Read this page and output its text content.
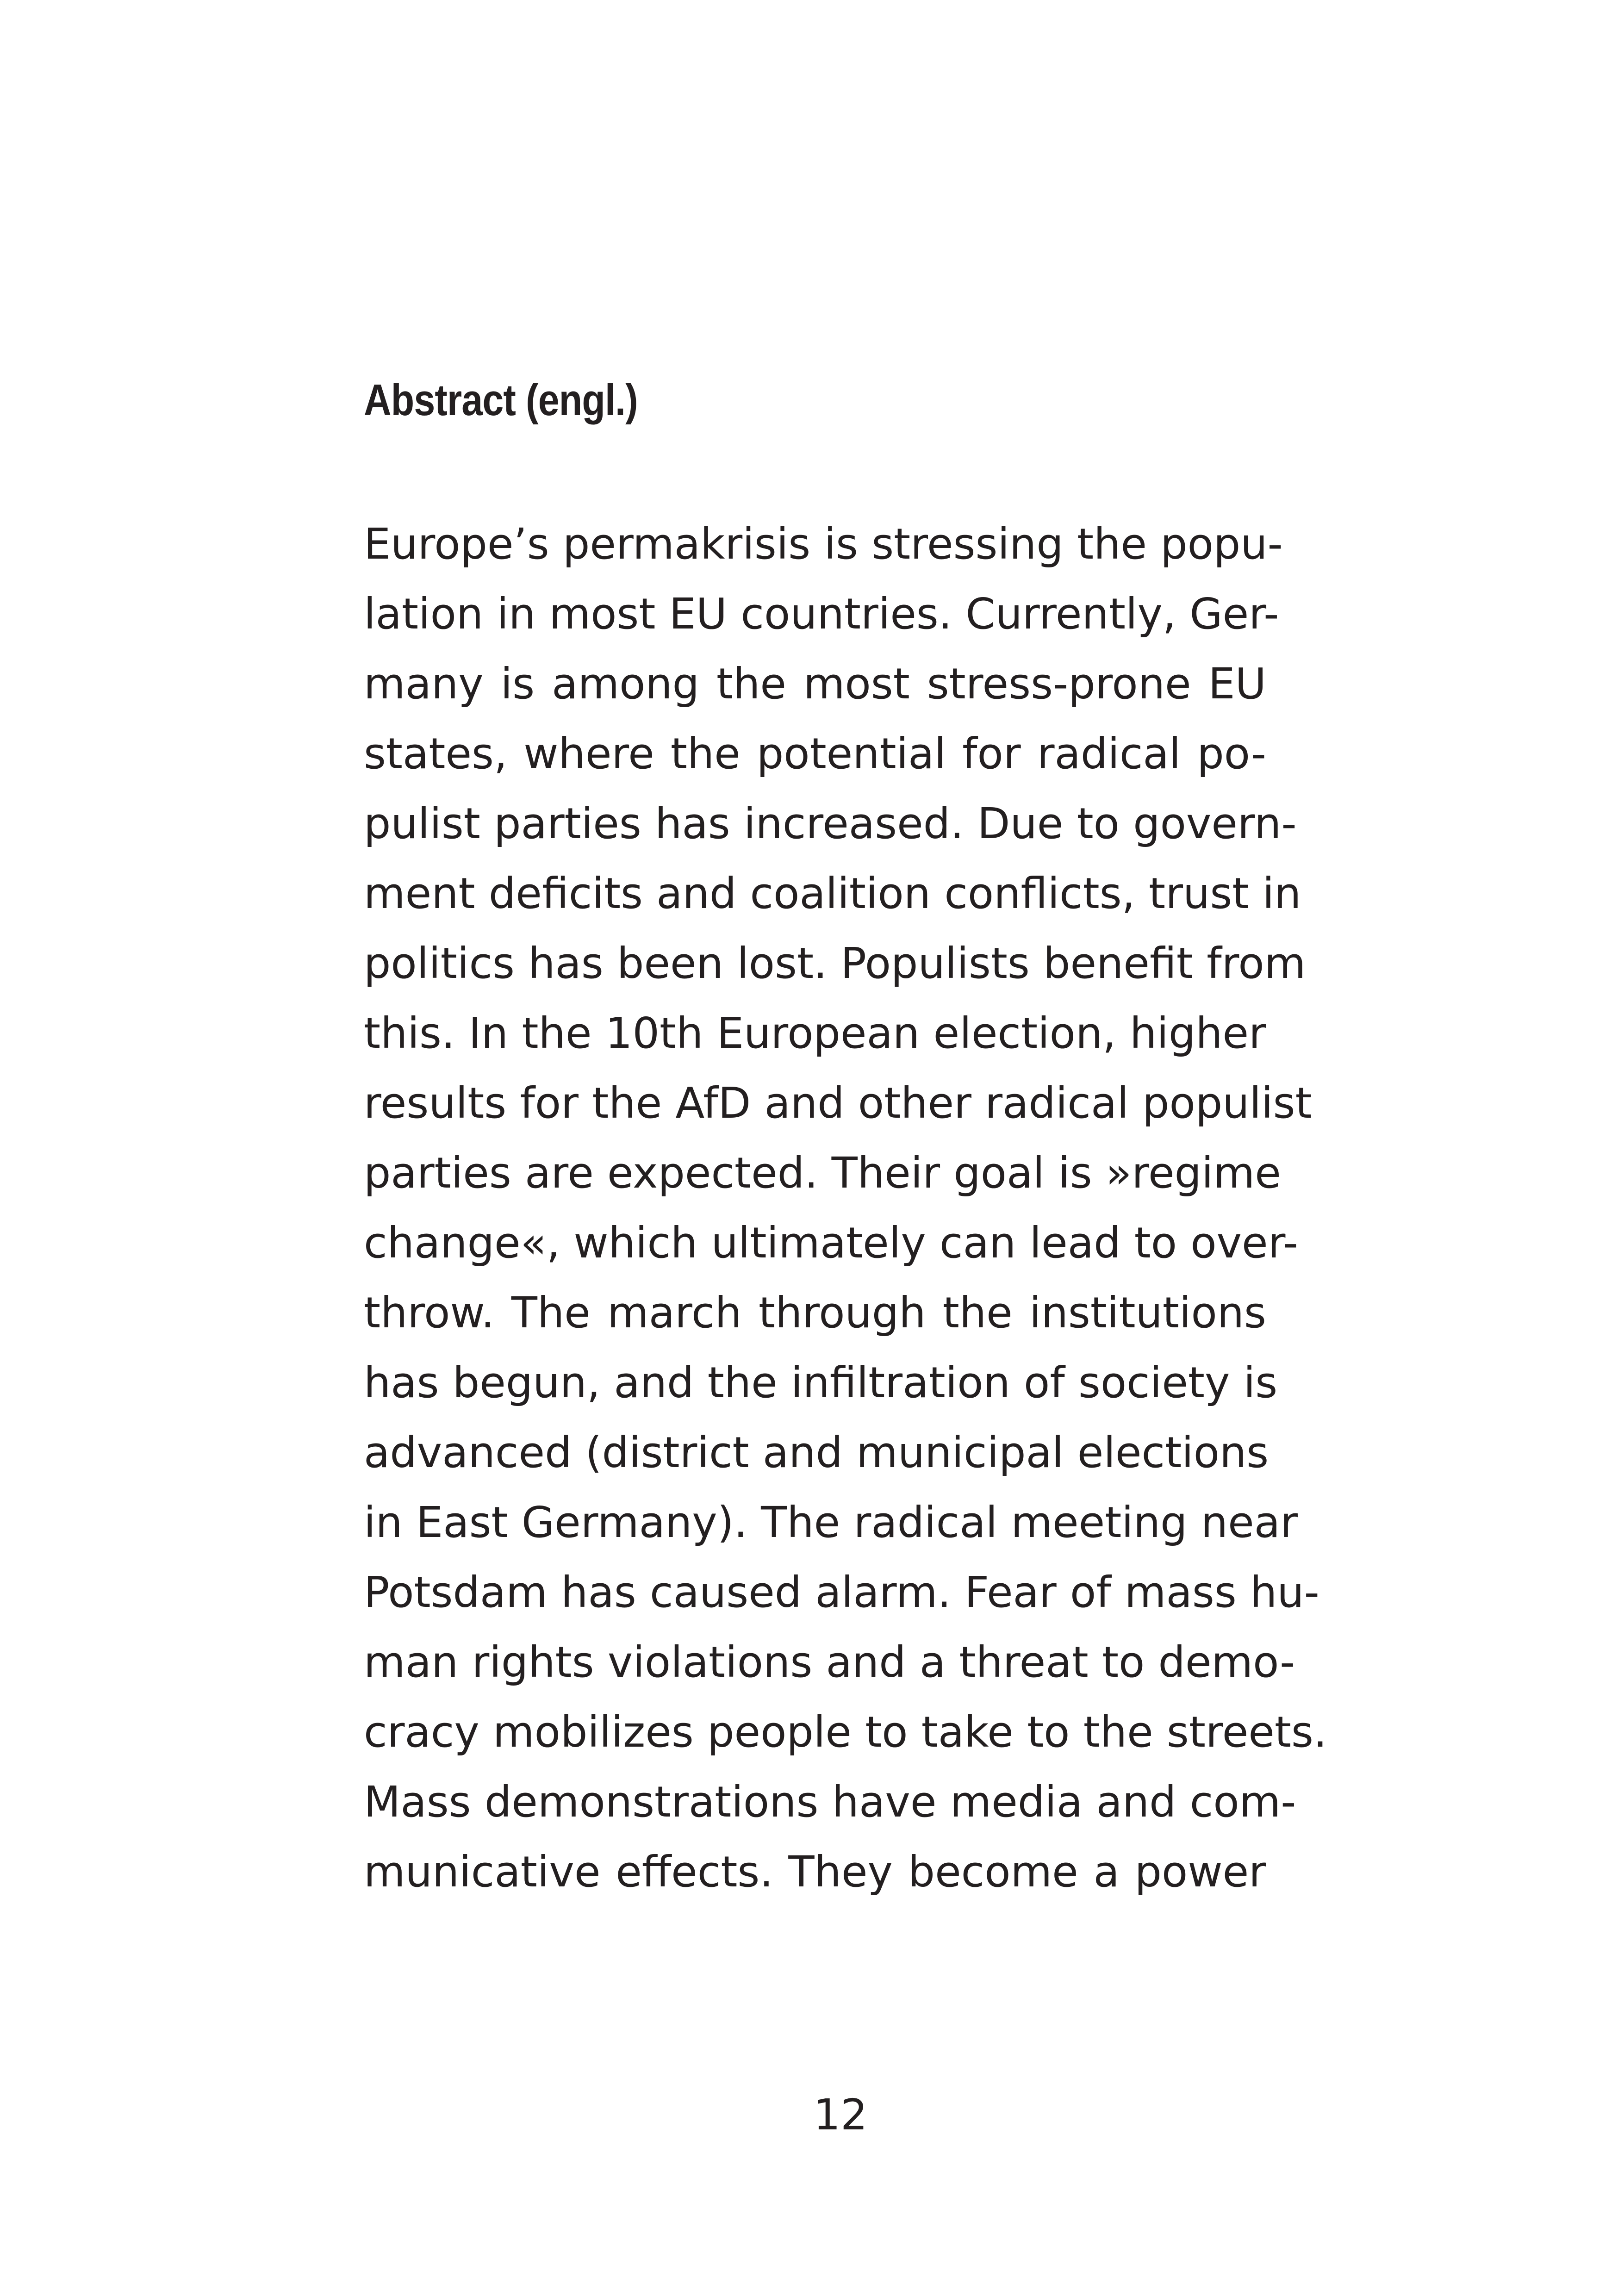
Abstract (engl.)
Europe’s permakrisis is stressing the popu-
lation in most EU countries. Currently, Ger-
many is among the most stress-prone EU
states, where the potential for radical po-
pulist parties has increased. Due to govern-
ment deficits and coalition conflicts, trust in
politics has been lost. Populists benefit from
this. In the 10th European election, higher
results for the AfD and other radical populist
parties are expected. Their goal is »regime
change«, which ultimately can lead to over-
throw. The march through the institutions
has begun, and the infiltration of society is
advanced (district and municipal elections
in East Germany). The radical meeting near
Potsdam has caused alarm. Fear of mass hu-
man rights violations and a threat to demo-
cracy mobilizes people to take to the streets.
Mass demonstrations have media and com-
municative effects. They become a power

12
